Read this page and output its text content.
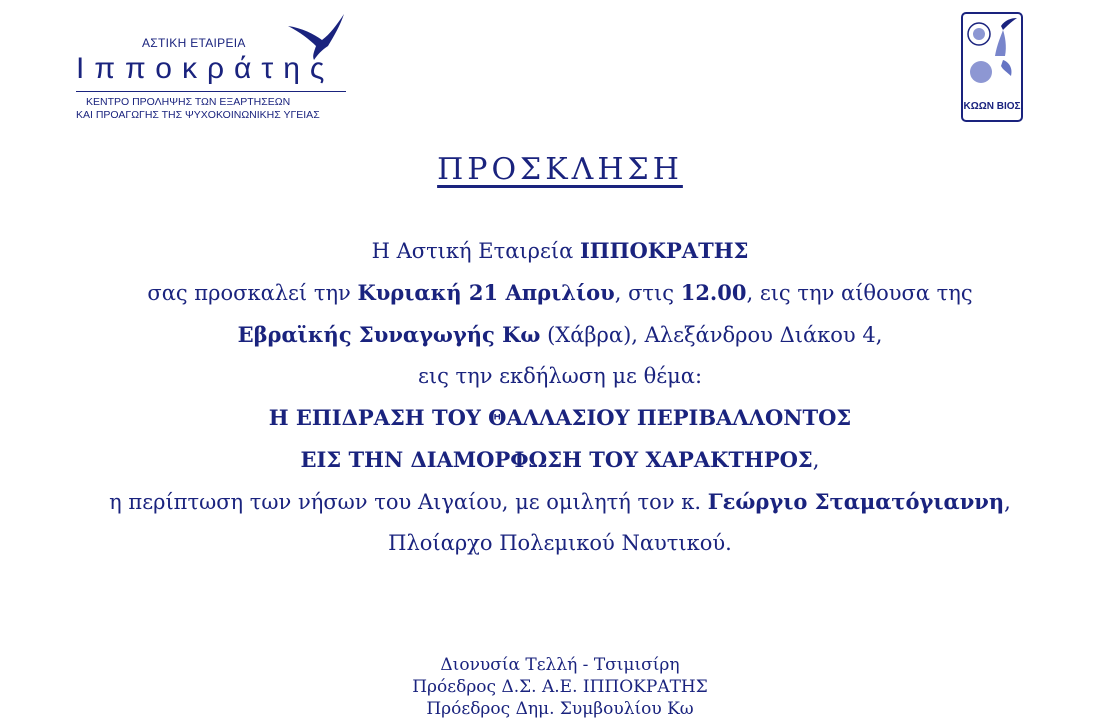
ΑΣΤΙΚΗ ΕΤΑΙΡΕΙΑ
Ιπποκράτης
ΚΕΝΤΡΟ ΠΡΟΛΗΨΗΣ ΤΩΝ ΕΞΑΡΤΗΣΕΩΝ
ΚΑΙ ΠΡΟΑΓΩΓΗΣ ΤΗΣ ΨΥΧΟΚΟΙΝΩΝΙΚΗΣ ΥΓΕΙΑΣ
ΚΩΩΝ ΒΙΟΣ
ΠΡΟΣΚΛΗΣΗ
Η Αστική Εταιρεία ΙΠΠΟΚΡΑΤΗΣ
σας προσκαλεί την Κυριακή 21 Απριλίου, στις 12.00, εις την αίθουσα της
Εβραϊκής Συναγωγής Κω (Χάβρα), Αλεξάνδρου Διάκου 4,
εις την εκδήλωση με θέμα:
Η ΕΠΙΔΡΑΣΗ ΤΟΥ ΘΑΛΛΑΣΙΟΥ ΠΕΡΙΒΑΛΛΟΝΤΟΣ
ΕΙΣ ΤΗΝ ΔΙΑΜΟΡΦΩΣΗ ΤΟΥ ΧΑΡΑΚΤΗΡΟΣ,
η περίπτωση των νήσων του Αιγαίου, με ομιλητή τον κ. Γεώργιο Σταματόγιαννη,
Πλοίαρχο Πολεμικού Ναυτικού.
Διονυσία Τελλή - Τσιμισίρη
Πρόεδρος Δ.Σ. Α.Ε. ΙΠΠΟΚΡΑΤΗΣ
Πρόεδρος Δημ. Συμβουλίου Κω
